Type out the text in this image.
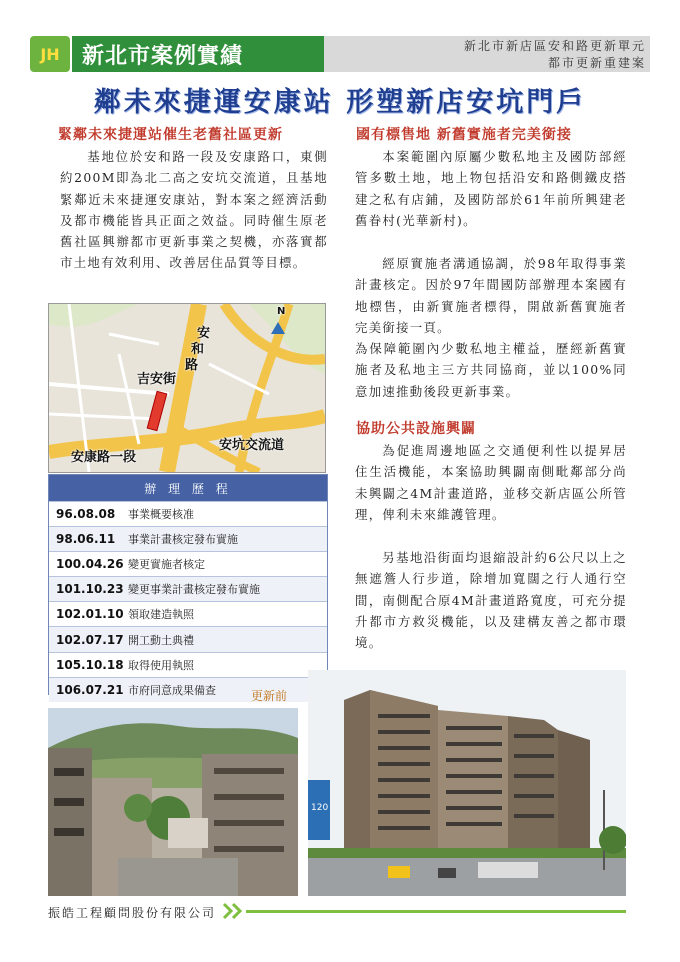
JH	新北市案例實績	新北市新店區安和路更新單元
都市更新重建案
鄰未來捷運安康站 形塑新店安坑門戶
緊鄰未來捷運站催生老舊社區更新
基地位於安和路一段及安康路口，東側約200M即為北二高之安坑交流道，且基地緊鄰近未來捷運安康站，對本案之經濟活動及都市機能皆具正面之效益。同時催生原老舊社區興辦都市更新事業之契機，亦落實都市土地有效利用、改善居住品質等目標。
N
安
和
路
吉安街
安坑交流道
安康路一段
辦 理 歷 程
96.08.08	事業概要核准
98.06.11	事業計畫核定發布實施
100.04.26 變更實施者核定
101.10.23 變更事業計畫核定發布實施
102.01.10 領取建造執照
102.07.17 開工動土典禮
105.10.18 取得使用執照
106.07.21 市府同意成果備查
國有標售地 新舊實施者完美銜接
本案範圍內原屬少數私地主及國防部經管多數土地，地上物包括沿安和路側鐵皮搭建之私有店鋪，及國防部於61年前所興建老舊眷村(光華新村)。
經原實施者溝通協調，於98年取得事業計畫核定。因於97年間國防部辦理本案國有地標售，由新實施者標得，開啟新舊實施者完美銜接一頁。
為保障範圍內少數私地主權益，歷經新舊實施者及私地主三方共同協商，並以100%同意加速推動後段更新事業。
協助公共設施興闢
為促進周邊地區之交通便利性以提昇居住生活機能，本案協助興闢南側毗鄰部分尚未興闢之4M計畫道路，並移交新店區公所管理，俾利未來維護管理。
另基地沿街面均退縮設計約6公尺以上之無遮簷人行步道，除增加寬闊之行人通行空間，南側配合原4M計畫道路寬度，可充分提升都市方救災機能，以及建構友善之都市環境。
更新前
120
振皓工程顧問股份有限公司
